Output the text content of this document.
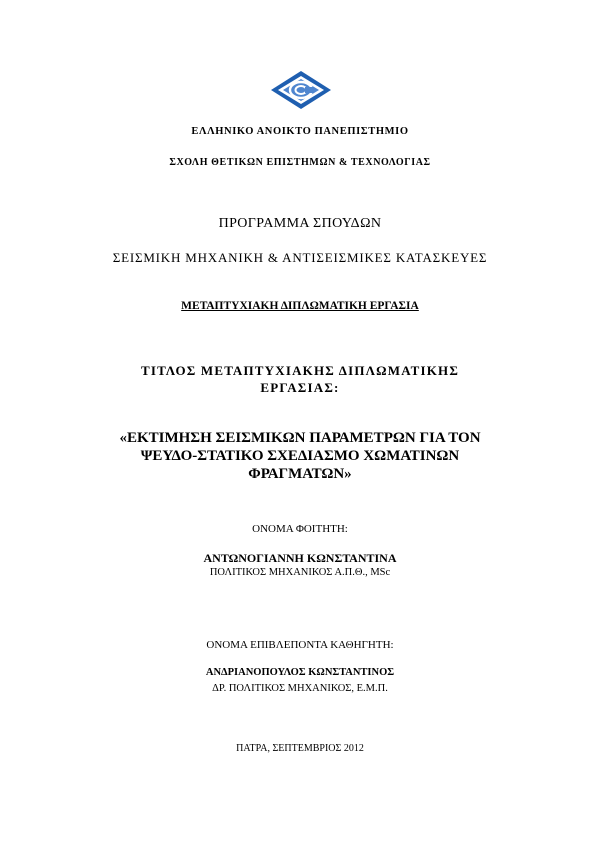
ΕΛΛΗΝΙΚΟ ΑΝΟΙΚΤΟ ΠΑΝΕΠΙΣΤΗΜΙΟ
ΣΧΟΛΗ ΘΕΤΙΚΩΝ ΕΠΙΣΤΗΜΩΝ & ΤΕΧΝΟΛΟΓΙΑΣ
ΠΡΟΓΡΑΜΜΑ ΣΠΟΥΔΩΝ
ΣΕΙΣΜΙΚΗ ΜΗΧΑΝΙΚΗ & ΑΝΤΙΣΕΙΣΜΙΚΕΣ ΚΑΤΑΣΚΕΥΕΣ
ΜΕΤΑΠΤΥΧΙΑΚΗ ΔΙΠΛΩΜΑΤΙΚΗ ΕΡΓΑΣΙΑ
ΤΙΤΛΟΣ ΜΕΤΑΠΤΥΧΙΑΚΗΣ ΔΙΠΛΩΜΑΤΙΚΗΣ
ΕΡΓΑΣΙΑΣ:
«ΕΚΤΙΜΗΣΗ ΣΕΙΣΜΙΚΩΝ ΠΑΡΑΜΕΤΡΩΝ ΓΙΑ ΤΟΝ
ΨΕΥΔΟ-ΣΤΑΤΙΚΟ ΣΧΕΔΙΑΣΜΟ ΧΩΜΑΤΙΝΩΝ
ΦΡΑΓΜΑΤΩΝ»
ΟΝΟΜΑ ΦΟΙΤΗΤΗ:
ΑΝΤΩΝΟΓΙΑΝΝΗ ΚΩΝΣΤΑΝΤΙΝΑ
ΠΟΛΙΤΙΚΟΣ ΜΗΧΑΝΙΚΟΣ Α.Π.Θ., MSc
ΟΝΟΜΑ ΕΠΙΒΛΕΠΟΝΤΑ ΚΑΘΗΓΗΤΗ:
ΑΝΔΡΙΑΝΟΠΟΥΛΟΣ ΚΩΝΣΤΑΝΤΙΝΟΣ
ΔΡ. ΠΟΛΙΤΙΚΟΣ ΜΗΧΑΝΙΚΟΣ, Ε.Μ.Π.
ΠΑΤΡΑ, ΣΕΠΤΕΜΒΡΙΟΣ 2012
